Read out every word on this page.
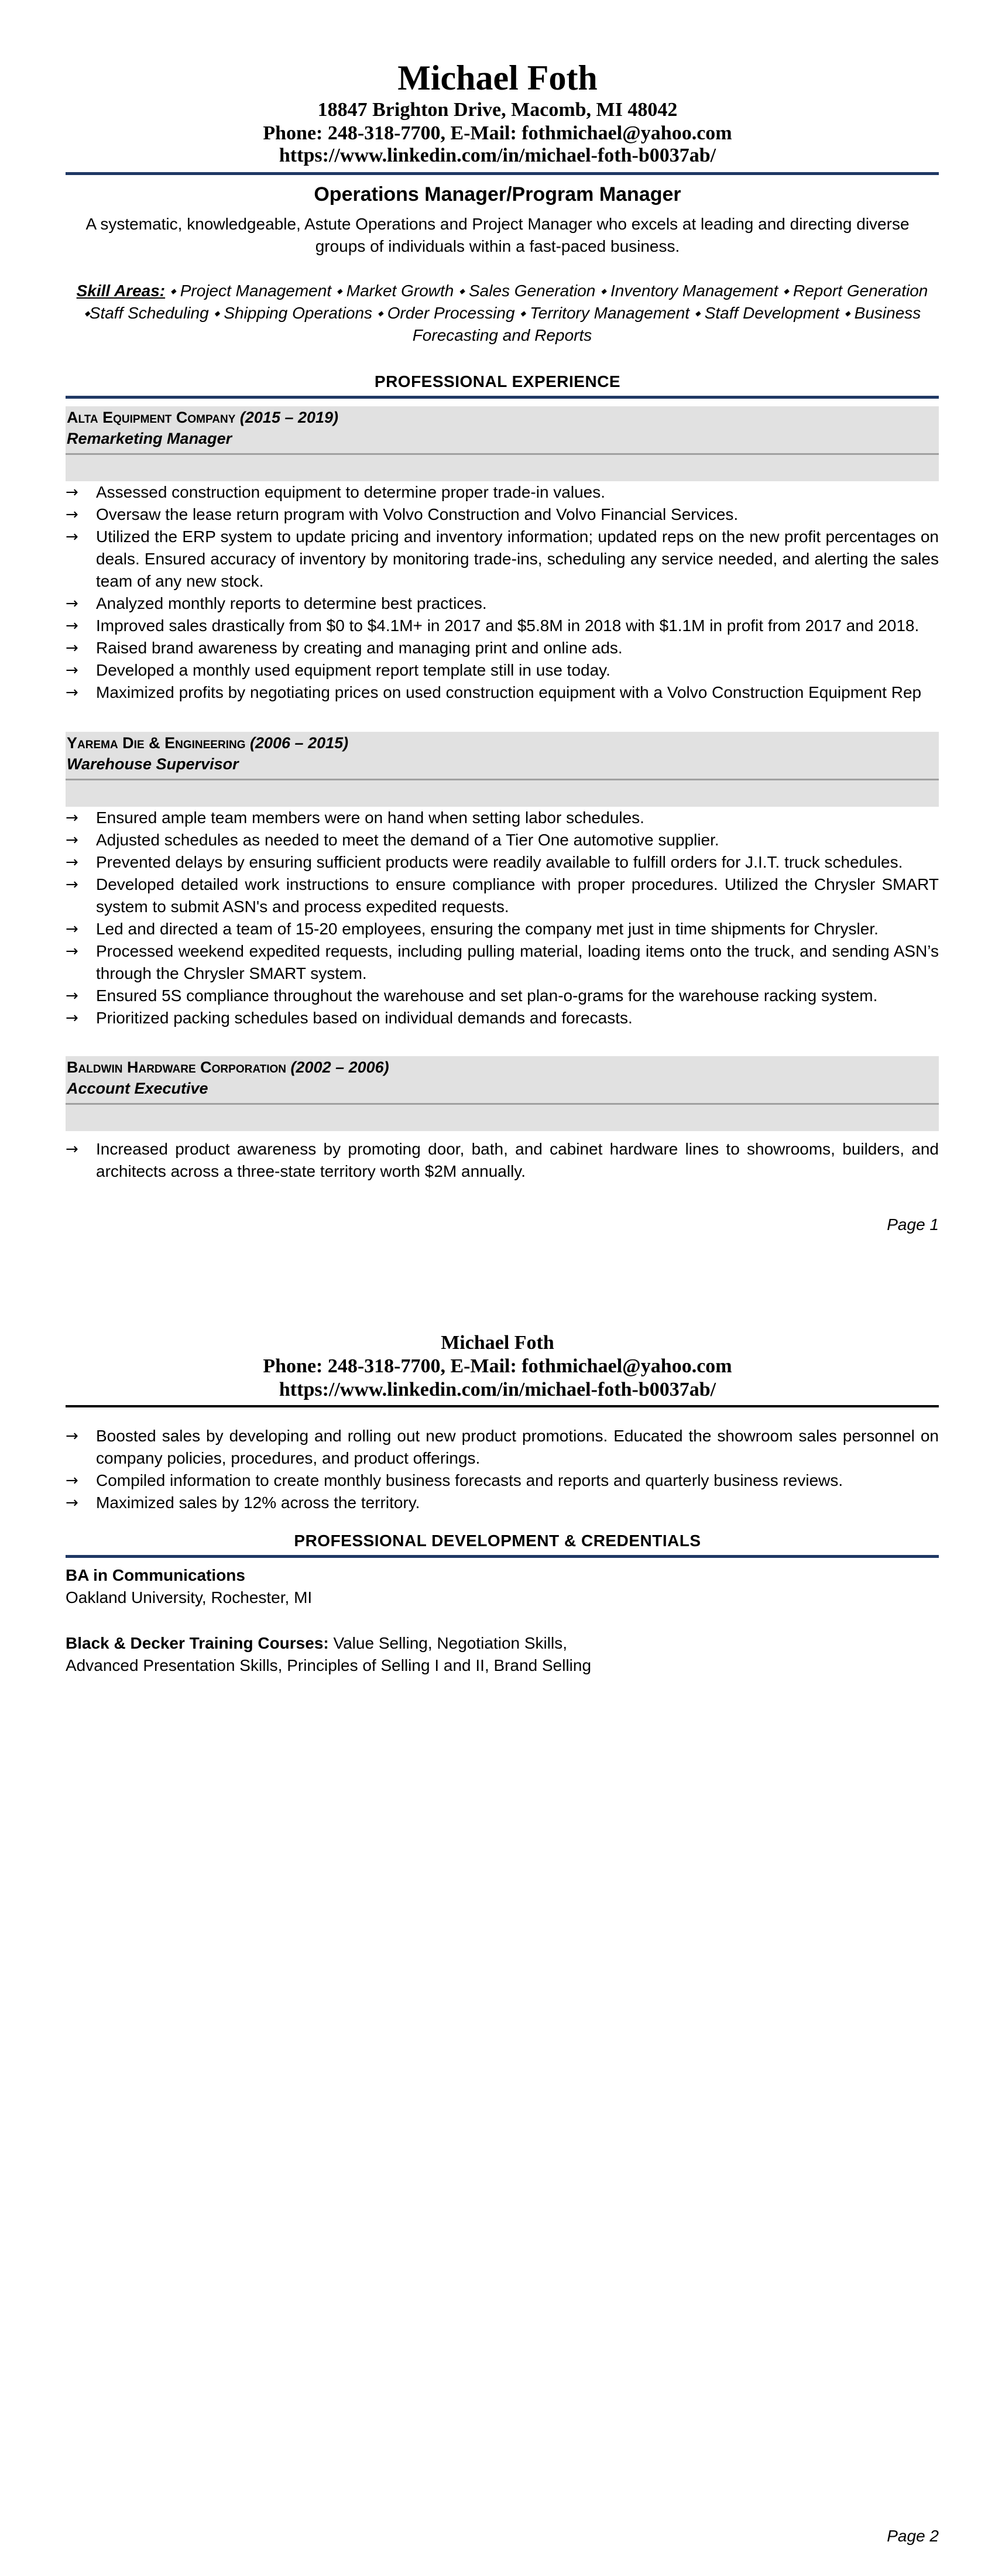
Michael Foth
18847 Brighton Drive, Macomb, MI 48042
Phone: 248-318-7700, E-Mail: fothmichael@yahoo.com
https://www.linkedin.com/in/michael-foth-b0037ab/
Operations Manager/Program Manager
A systematic, knowledgeable, Astute Operations and Project Manager who excels at leading and directing diverse groups of individuals within a fast-paced business.
Skill Areas: ⬩ Project Management ⬩ Market Growth ⬩ Sales Generation ⬩ Inventory Management ⬩ Report Generation ⬩Staff Scheduling ⬩ Shipping Operations ⬩ Order Processing ⬩ Territory Management ⬩ Staff Development ⬩ Business Forecasting and Reports
PROFESSIONAL EXPERIENCE
Alta Equipment Company (2015 – 2019)
Remarketing Manager
→ Assessed construction equipment to determine proper trade-in values.
→ Oversaw the lease return program with Volvo Construction and Volvo Financial Services.
→ Utilized the ERP system to update pricing and inventory information; updated reps on the new profit percentages on deals. Ensured accuracy of inventory by monitoring trade-ins, scheduling any service needed, and alerting the sales team of any new stock.
→ Analyzed monthly reports to determine best practices.
→ Improved sales drastically from $0 to $4.1M+ in 2017 and $5.8M in 2018 with $1.1M in profit from 2017 and 2018.
→ Raised brand awareness by creating and managing print and online ads.
→ Developed a monthly used equipment report template still in use today.
→ Maximized profits by negotiating prices on used construction equipment with a Volvo Construction Equipment Rep
Yarema Die & Engineering (2006 – 2015)
Warehouse Supervisor
→ Ensured ample team members were on hand when setting labor schedules.
→ Adjusted schedules as needed to meet the demand of a Tier One automotive supplier.
→ Prevented delays by ensuring sufficient products were readily available to fulfill orders for J.I.T. truck schedules.
→ Developed detailed work instructions to ensure compliance with proper procedures. Utilized the Chrysler SMART system to submit ASN's and process expedited requests.
→ Led and directed a team of 15-20 employees, ensuring the company met just in time shipments for Chrysler.
→ Processed weekend expedited requests, including pulling material, loading items onto the truck, and sending ASN’s through the Chrysler SMART system.
→ Ensured 5S compliance throughout the warehouse and set plan-o-grams for the warehouse racking system.
→ Prioritized packing schedules based on individual demands and forecasts.
Baldwin Hardware Corporation (2002 – 2006)
Account Executive
→ Increased product awareness by promoting door, bath, and cabinet hardware lines to showrooms, builders, and architects across a three-state territory worth $2M annually.
Page 1
Michael Foth
Phone: 248-318-7700, E-Mail: fothmichael@yahoo.com
https://www.linkedin.com/in/michael-foth-b0037ab/
→ Boosted sales by developing and rolling out new product promotions. Educated the showroom sales personnel on company policies, procedures, and product offerings.
→ Compiled information to create monthly business forecasts and reports and quarterly business reviews.
→ Maximized sales by 12% across the territory.
PROFESSIONAL DEVELOPMENT & CREDENTIALS
BA in Communications
Oakland University, Rochester, MI
Black & Decker Training Courses: Value Selling, Negotiation Skills,
Advanced Presentation Skills, Principles of Selling I and II, Brand Selling
Page 2
